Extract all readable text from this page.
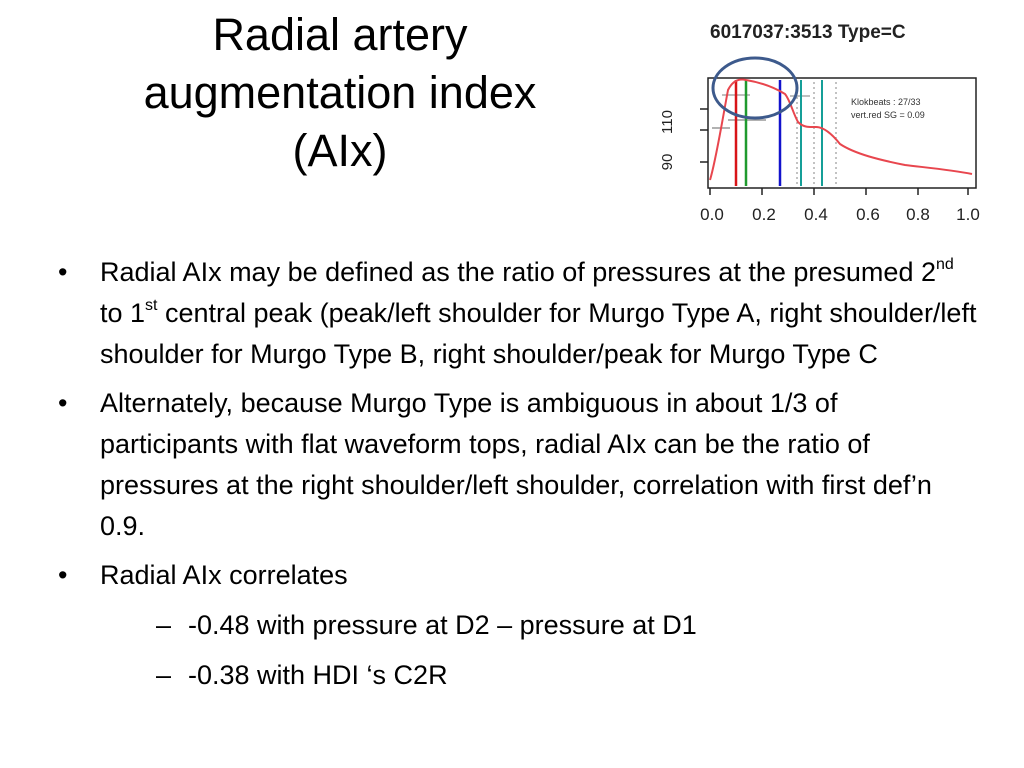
Radial artery
augmentation index
(AIx)
6017037:3513 Type=C
110
90
0.0 0.2 0.4 0.6 0.8 1.0
Klokbeats : 27/33
vert.red SG = 0.09
• Radial AIx may be defined as the ratio of pressures at the presumed 2nd to 1st central peak (peak/left shoulder for Murgo Type A, right shoulder/left shoulder for Murgo Type B, right shoulder/peak for Murgo Type C
• Alternately, because Murgo Type is ambiguous in about 1/3 of participants with flat waveform tops, radial AIx can be the ratio of pressures at the right shoulder/left shoulder, correlation with first def’n 0.9.
• Radial AIx correlates
– -0.48 with pressure at D2 – pressure at D1
– -0.38 with HDI ‘s C2R
